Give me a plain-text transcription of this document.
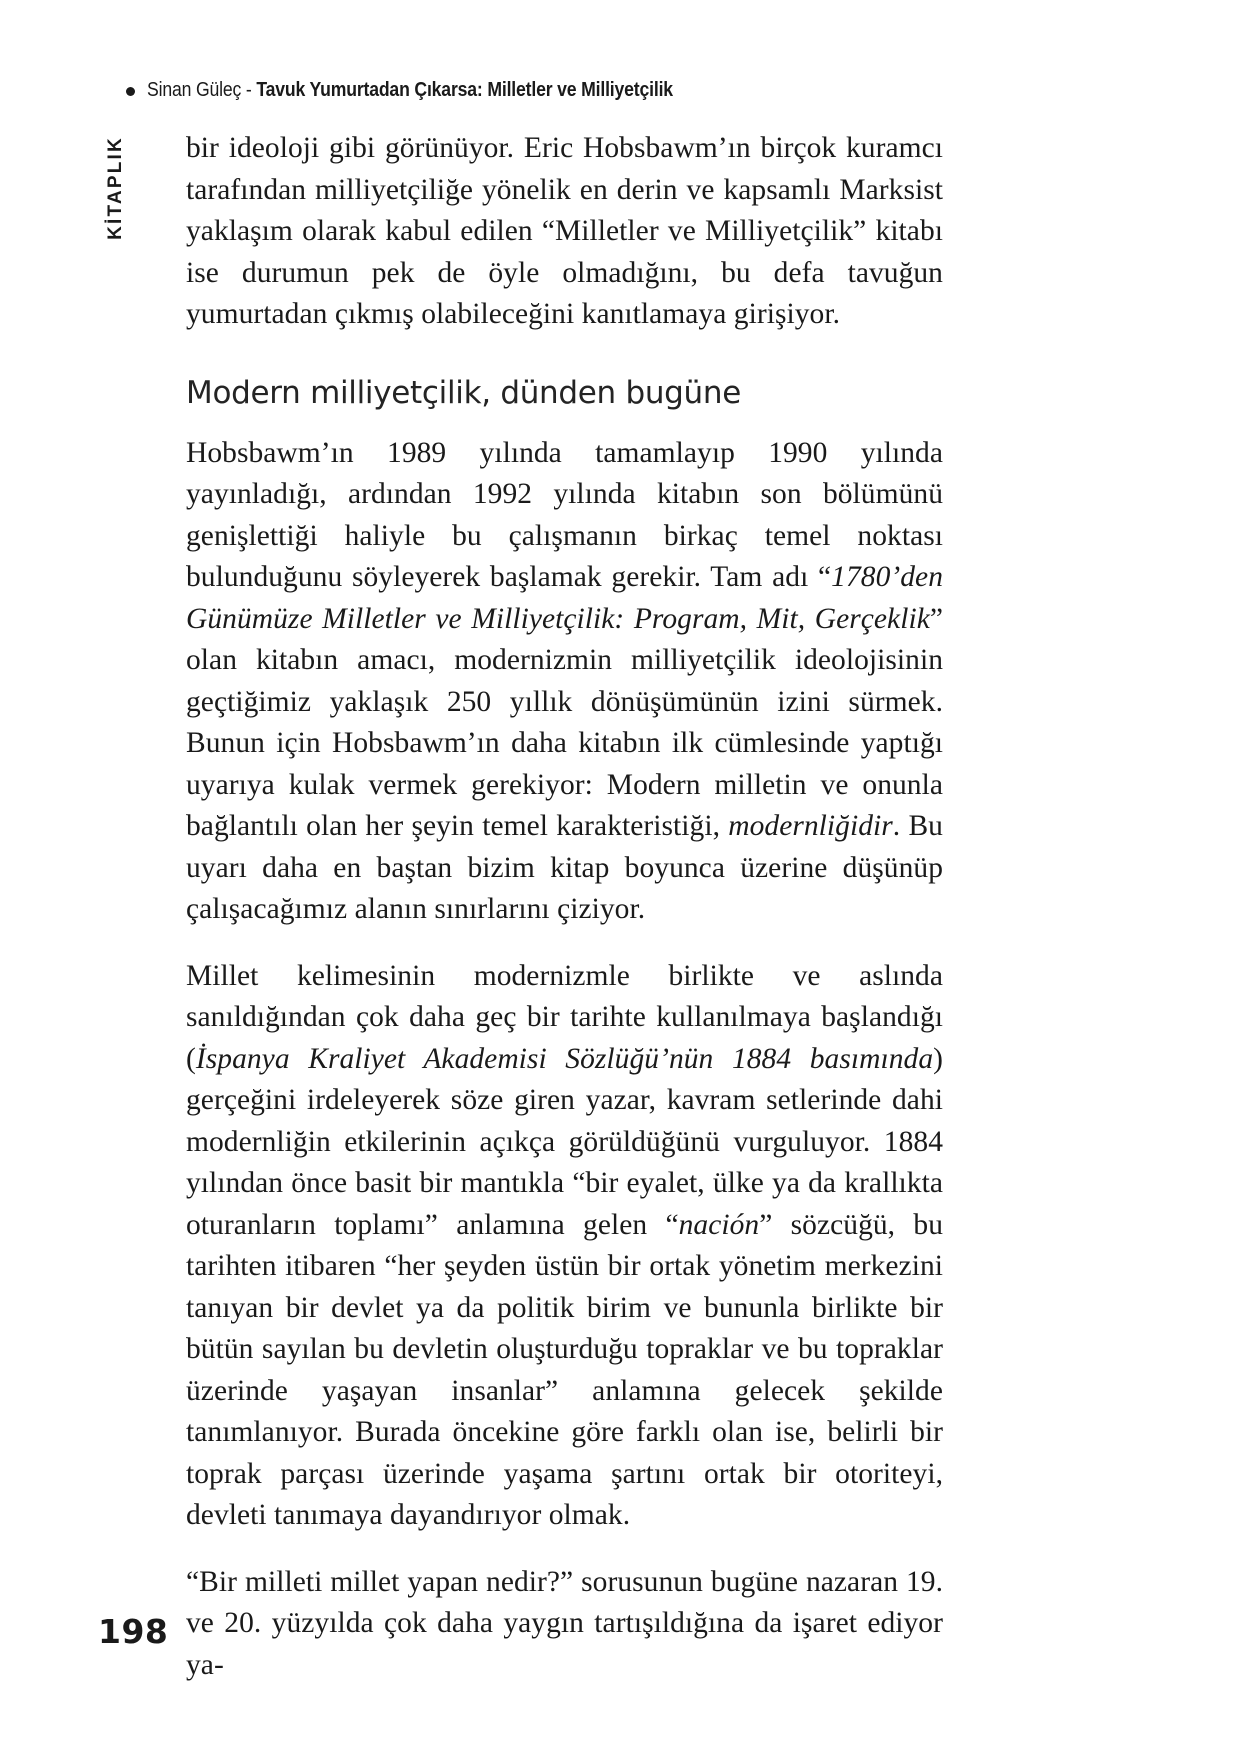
Sinan Güleç - Tavuk Yumurtadan Çıkarsa: Milletler ve Milliyetçilik
KİTAPLIK bir ideoloji gibi görünüyor. Eric Hobsbawm’ın birçok kuramcı tarafından milliyetçiliğe yönelik en derin ve kapsamlı Marksist yaklaşım olarak kabul edilen “Milletler ve Milliyetçilik” kitabı ise durumun pek de öyle olmadığını, bu defa tavuğun yumurtadan çıkmış olabileceğini kanıtlamaya girişiyor.

Modern milliyetçilik, dünden bugüne

Hobsbawm’ın 1989 yılında tamamlayıp 1990 yılında yayınladığı, ardından 1992 yılında kitabın son bölümünü genişlettiği haliyle bu çalışmanın birkaç temel noktası bulunduğunu söyleyerek başlamak gerekir. Tam adı “1780’den Günümüze Milletler ve Milliyetçilik: Program, Mit, Gerçeklik” olan kitabın amacı, modernizmin milliyetçilik ideolojisinin geçtiğimiz yaklaşık 250 yıllık dönüşümünün izini sürmek. Bunun için Hobsbawm’ın daha kitabın ilk cümlesinde yaptığı uyarıya kulak vermek gerekiyor: Modern milletin ve onunla bağlantılı olan her şeyin temel karakteristiği, modernliğidir. Bu uyarı daha en baştan bizim kitap boyunca üzerine düşünüp çalışacağımız alanın sınırlarını çiziyor.

Millet kelimesinin modernizmle birlikte ve aslında sanıldığından çok daha geç bir tarihte kullanılmaya başlandığı (İspanya Kraliyet Akademisi Sözlüğü’nün 1884 basımında) gerçeğini irdeleyerek söze giren yazar, kavram setlerinde dahi modernliğin etkilerinin açıkça görüldüğünü vurguluyor. 1884 yılından önce basit bir mantıkla “bir eyalet, ülke ya da krallıkta oturanların toplamı” anlamına gelen “nación” sözcüğü, bu tarihten itibaren “her şeyden üstün bir ortak yönetim merkezini tanıyan bir devlet ya da politik birim ve bununla birlikte bir bütün sayılan bu devletin oluşturduğu topraklar ve bu topraklar üzerinde yaşayan insanlar” anlamına gelecek şekilde tanımlanıyor. Burada öncekine göre farklı olan ise, belirli bir toprak parçası üzerinde yaşama şartını ortak bir otoriteyi, devleti tanımaya dayandırıyor olmak.

“Bir milleti millet yapan nedir?” sorusunun bugüne nazaran 19. ve 20. yüzyılda çok daha yaygın tartışıldığına da işaret ediyor ya-

198
